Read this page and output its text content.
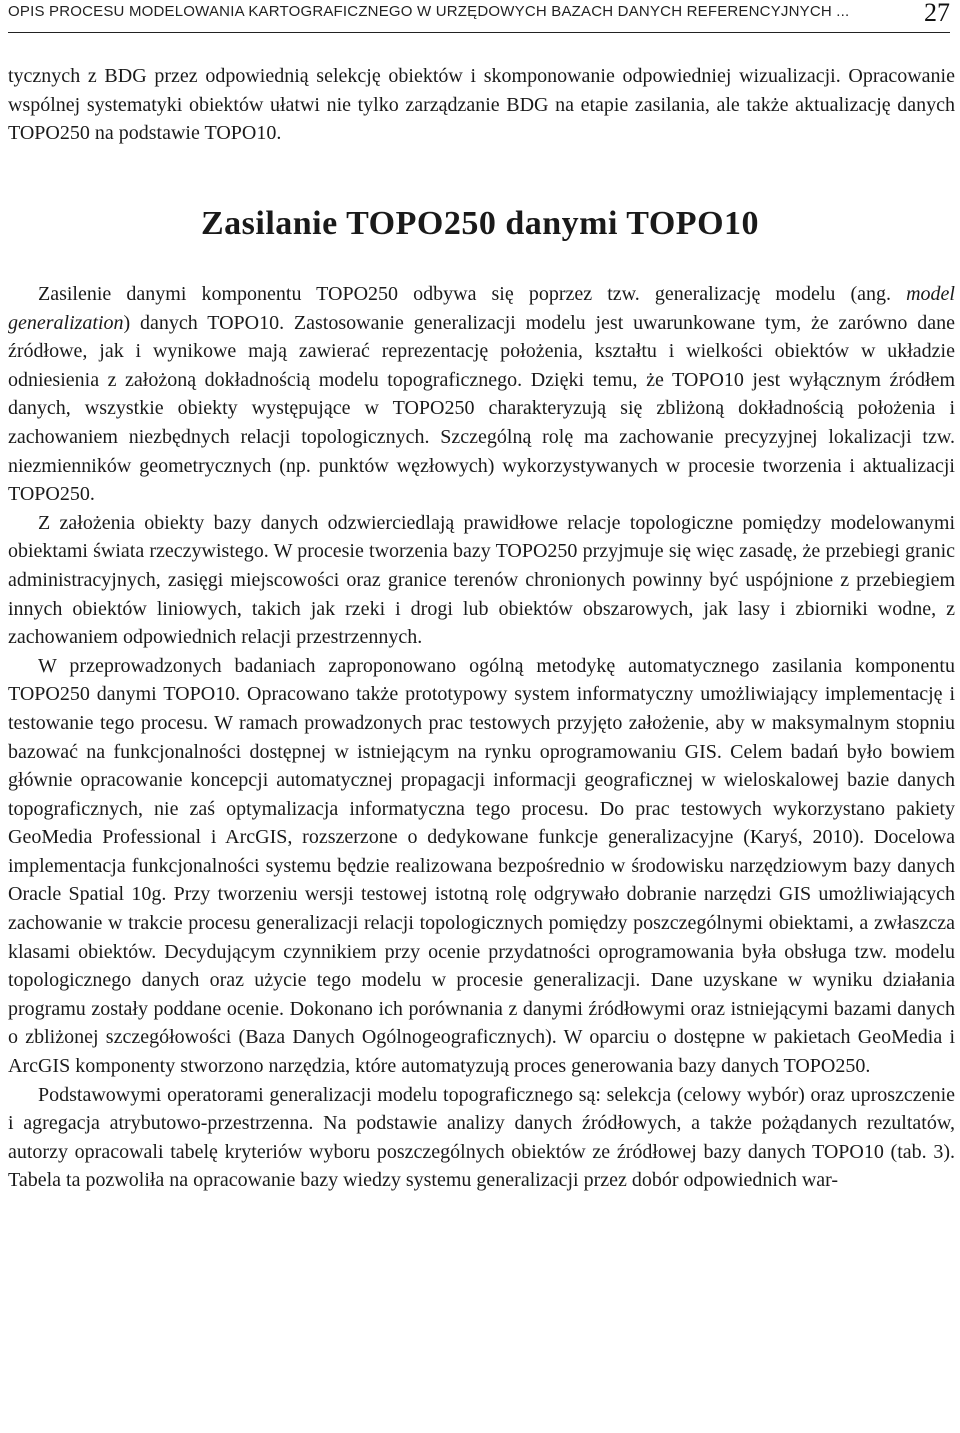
OPIS PROCESU MODELOWANIA KARTOGRAFICZNEGO W URZĘDOWYCH BAZACH DANYCH REFERENCYJNYCH ...	27

tycznych z BDG przez odpowiednią selekcję obiektów i skomponowanie odpowiedniej wizualizacji. Opracowanie wspólnej systematyki obiektów ułatwi nie tylko zarządzanie BDG na etapie zasilania, ale także aktualizację danych TOPO250 na podstawie TOPO10.

Zasilanie TOPO250 danymi TOPO10

Zasilenie danymi komponentu TOPO250 odbywa się poprzez tzw. generalizację modelu (ang. model generalization) danych TOPO10. Zastosowanie generalizacji modelu jest uwarunkowane tym, że zarówno dane źródłowe, jak i wynikowe mają zawierać reprezentację położenia, kształtu i wielkości obiektów w układzie odniesienia z założoną dokładnością modelu topograficznego. Dzięki temu, że TOPO10 jest wyłącznym źródłem danych, wszystkie obiekty występujące w TOPO250 charakteryzują się zbliżoną dokładnością położenia i zachowaniem niezbędnych relacji topologicznych. Szczególną rolę ma zachowanie precyzyjnej lokalizacji tzw. niezmienników geometrycznych (np. punktów węzłowych) wykorzystywanych w procesie tworzenia i aktualizacji TOPO250.

Z założenia obiekty bazy danych odzwierciedlają prawidłowe relacje topologiczne pomiędzy modelowanymi obiektami świata rzeczywistego. W procesie tworzenia bazy TOPO250 przyjmuje się więc zasadę, że przebiegi granic administracyjnych, zasięgi miejscowości oraz granice terenów chronionych powinny być uspójnione z przebiegiem innych obiektów liniowych, takich jak rzeki i drogi lub obiektów obszarowych, jak lasy i zbiorniki wodne, z zachowaniem odpowiednich relacji przestrzennych.

W przeprowadzonych badaniach zaproponowano ogólną metodykę automatycznego zasilania komponentu TOPO250 danymi TOPO10. Opracowano także prototypowy system informatyczny umożliwiający implementację i testowanie tego procesu. W ramach prowadzonych prac testowych przyjęto założenie, aby w maksymalnym stopniu bazować na funkcjonalności dostępnej w istniejącym na rynku oprogramowaniu GIS. Celem badań było bowiem głównie opracowanie koncepcji automatycznej propagacji informacji geograficznej w wieloskalowej bazie danych topograficznych, nie zaś optymalizacja informatyczna tego procesu. Do prac testowych wykorzystano pakiety GeoMedia Professional i ArcGIS, rozszerzone o dedykowane funkcje generalizacyjne (Karyś, 2010). Docelowa implementacja funkcjonalności systemu będzie realizowana bezpośrednio w środowisku narzędziowym bazy danych Oracle Spatial 10g. Przy tworzeniu wersji testowej istotną rolę odgrywało dobranie narzędzi GIS umożliwiających zachowanie w trakcie procesu generalizacji relacji topologicznych pomiędzy poszczególnymi obiektami, a zwłaszcza klasami obiektów. Decydującym czynnikiem przy ocenie przydatności oprogramowania była obsługa tzw. modelu topologicznego danych oraz użycie tego modelu w procesie generalizacji. Dane uzyskane w wyniku działania programu zostały poddane ocenie. Dokonano ich porównania z danymi źródłowymi oraz istniejącymi bazami danych o zbliżonej szczegółowości (Baza Danych Ogólnogeograficznych). W oparciu o dostępne w pakietach GeoMedia i ArcGIS komponenty stworzono narzędzia, które automatyzują proces generowania bazy danych TOPO250.

Podstawowymi operatorami generalizacji modelu topograficznego są: selekcja (celowy wybór) oraz uproszczenie i agregacja atrybutowo-przestrzenna. Na podstawie analizy danych źródłowych, a także pożądanych rezultatów, autorzy opracowali tabelę kryteriów wyboru poszczególnych obiektów ze źródłowej bazy danych TOPO10 (tab. 3). Tabela ta pozwoliła na opracowanie bazy wiedzy systemu generalizacji przez dobór odpowiednich war-
